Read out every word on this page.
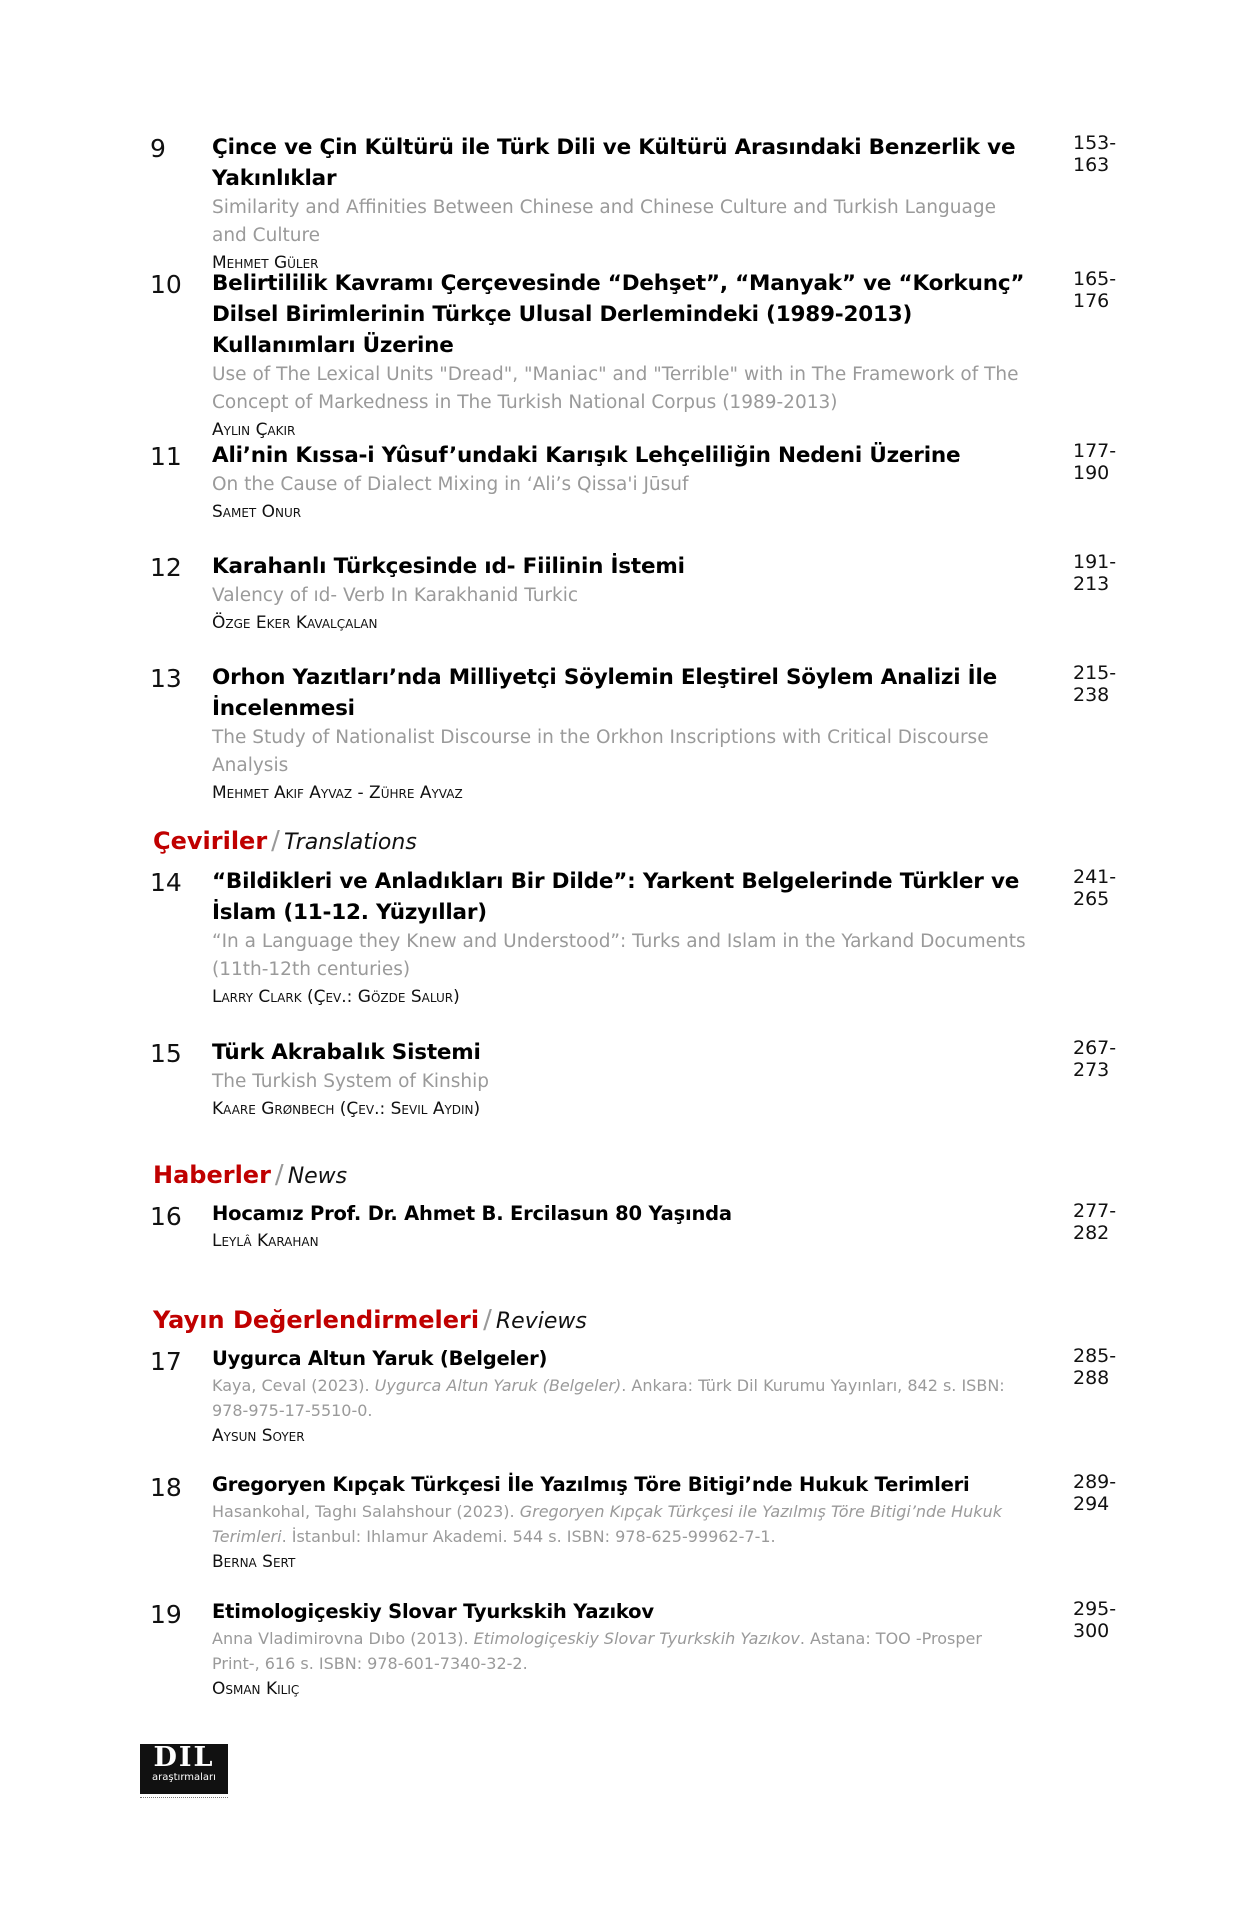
9 Çince ve Çin Kültürü ile Türk Dili ve Kültürü Arasındaki Benzerlik ve Yakınlıklar
Similarity and Affinities Between Chinese and Chinese Culture and Turkish Language and Culture
Mehmet Güler
153-163
10 Belirtililik Kavramı Çerçevesinde “Dehşet”, “Manyak” ve “Korkunç” Dilsel Birimlerinin Türkçe Ulusal Derlemindeki (1989-2013) Kullanımları Üzerine
Use of The Lexical Units "Dread", "Maniac" and "Terrible" with in The Framework of The Concept of Markedness in The Turkish National Corpus (1989-2013)
Aylin Çakır
165-176
11 Ali’nin Kıssa-i Yûsuf’undaki Karışık Lehçeliliğin Nedeni Üzerine
On the Cause of Dialect Mixing in ‘Ali’s Qissa'i Jūsuf
Samet Onur
177-190
12 Karahanlı Türkçesinde ıd- Fiilinin İstemi
Valency of ıd- Verb In Karakhanid Turkic
Özge Eker Kavalçalan
191-213
13 Orhon Yazıtları’nda Milliyetçi Söylemin Eleştirel Söylem Analizi İle İncelenmesi
The Study of Nationalist Discourse in the Orkhon Inscriptions with Critical Discourse Analysis
Mehmet Akif Ayvaz - Zühre Ayvaz
215-238
Çeviriler / Translations
14 “Bildikleri ve Anladıkları Bir Dilde”: Yarkent Belgelerinde Türkler ve İslam (11-12. Yüzyıllar)
“In a Language they Knew and Understood”: Turks and Islam in the Yarkand Documents (11th-12th centuries)
Larry Clark (Çev.: Gözde Salur)
241-265
15 Türk Akrabalık Sistemi
The Turkish System of Kinship
Kaare Grønbech (Çev.: Sevil Aydın)
267-273
Haberler / News
16 Hocamız Prof. Dr. Ahmet B. Ercilasun 80 Yaşında
Leylâ Karahan
277-282
Yayın Değerlendirmeleri / Reviews
17 Uygurca Altun Yaruk (Belgeler)
Kaya, Ceval (2023). Uygurca Altun Yaruk (Belgeler). Ankara: Türk Dil Kurumu Yayınları, 842 s. ISBN: 978-975-17-5510-0.
Aysun Soyer
285-288
18 Gregoryen Kıpçak Türkçesi İle Yazılmış Töre Bitigi’nde Hukuk Terimleri
Hasankohal, Taghı Salahshour (2023). Gregoryen Kıpçak Türkçesi ile Yazılmış Töre Bitigi’nde Hukuk Terimleri. İstanbul: Ihlamur Akademi. 544 s. ISBN: 978-625-99962-7-1.
Berna Sert
289-294
19 Etimologiçeskiy Slovar Tyurkskih Yazıkov
Anna Vladimirovna Dıbo (2013). Etimologiçeskiy Slovar Tyurkskih Yazıkov. Astana: TOO -Prosper Print-, 616 s. ISBN: 978-601-7340-32-2.
Osman Kılıç
295-300
DİL
araştırmaları
